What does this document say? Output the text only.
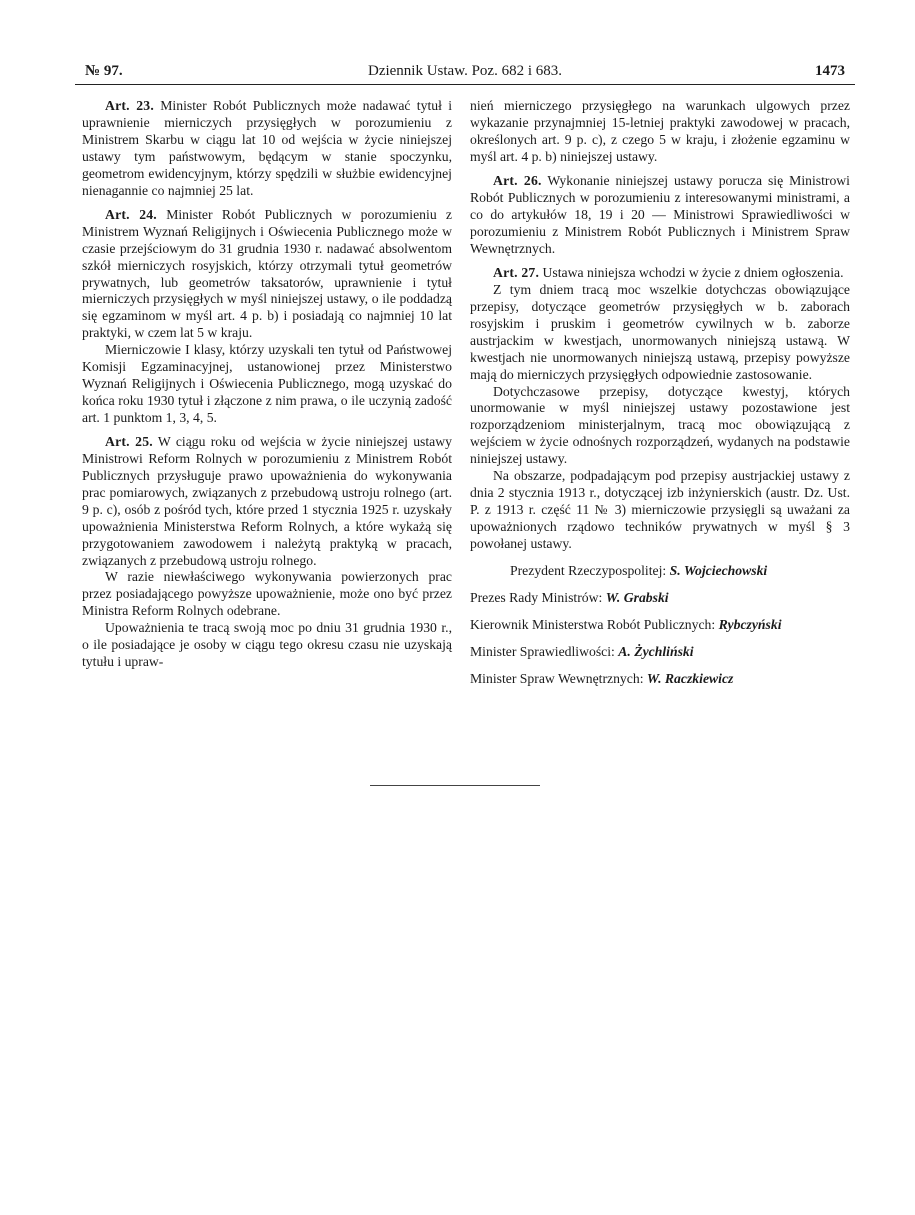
№ 97.	Dziennik Ustaw. Poz. 682 i 683.	1473

Art. 23. Minister Robót Publicznych może nadawać tytuł i uprawnienie mierniczych przysięgłych w porozumieniu z Ministrem Skarbu w ciągu lat 10 od wejścia w życie niniejszej ustawy tym państwowym, będącym w stanie spoczynku, geometrom ewidencyjnym, którzy spędzili w służbie ewidencyjnej nienagannie co najmniej 25 lat.

Art. 24. Minister Robót Publicznych w porozumieniu z Ministrem Wyznań Religijnych i Oświecenia Publicznego może w czasie przejściowym do 31 grudnia 1930 r. nadawać absolwentom szkół mierniczych rosyjskich, którzy otrzymali tytuł geometrów prywatnych, lub geometrów taksatorów, uprawnienie i tytuł mierniczych przysięgłych w myśl niniejszej ustawy, o ile poddadzą się egzaminom w myśl art. 4 p. b) i posiadają co najmniej 10 lat praktyki, w czem lat 5 w kraju.

Mierniczowie I klasy, którzy uzyskali ten tytuł od Państwowej Komisji Egzaminacyjnej, ustanowionej przez Ministerstwo Wyznań Religijnych i Oświecenia Publicznego, mogą uzyskać do końca roku 1930 tytuł i złączone z nim prawa, o ile uczynią zadość art. 1 punktom 1, 3, 4, 5.

Art. 25. W ciągu roku od wejścia w życie niniejszej ustawy Ministrowi Reform Rolnych w porozumieniu z Ministrem Robót Publicznych przysługuje prawo upoważnienia do wykonywania prac pomiarowych, związanych z przebudową ustroju rolnego (art. 9 p. c), osób z pośród tych, które przed 1 stycznia 1925 r. uzyskały upoważnienia Ministerstwa Reform Rolnych, a które wykażą się przygotowaniem zawodowem i należytą praktyką w pracach, związanych z przebudową ustroju rolnego.

W razie niewłaściwego wykonywania powierzonych prac przez posiadającego powyższe upoważnienie, może ono być przez Ministra Reform Rolnych odebrane.

Upoważnienia te tracą swoją moc po dniu 31 grudnia 1930 r., o ile posiadające je osoby w ciągu tego okresu czasu nie uzyskają tytułu i upraw-

nień mierniczego przysięgłego na warunkach ulgowych przez wykazanie przynajmniej 15-letniej praktyki zawodowej w pracach, określonych art. 9 p. c), z czego 5 w kraju, i złożenie egzaminu w myśl art. 4 p. b) niniejszej ustawy.

Art. 26. Wykonanie niniejszej ustawy porucza się Ministrowi Robót Publicznych w porozumieniu z interesowanymi ministrami, a co do artykułów 18, 19 i 20 — Ministrowi Sprawiedliwości w porozumieniu z Ministrem Robót Publicznych i Ministrem Spraw Wewnętrznych.

Art. 27. Ustawa niniejsza wchodzi w życie z dniem ogłoszenia.

Z tym dniem tracą moc wszelkie dotychczas obowiązujące przepisy, dotyczące geometrów przysięgłych w b. zaborach rosyjskim i pruskim i geometrów cywilnych w b. zaborze austrjackim w kwestjach, unormowanych niniejszą ustawą. W kwestjach nie unormowanych niniejszą ustawą, przepisy powyższe mają do mierniczych przysięgłych odpowiednie zastosowanie.

Dotychczasowe przepisy, dotyczące kwestyj, których unormowanie w myśl niniejszej ustawy pozostawione jest rozporządzeniom ministerjalnym, tracą moc obowiązującą z wejściem w życie odnośnych rozporządzeń, wydanych na podstawie niniejszej ustawy.

Na obszarze, podpadającym pod przepisy austrjackiej ustawy z dnia 2 stycznia 1913 r., dotyczącej izb inżynierskich (austr. Dz. Ust. P. z 1913 r. część 11 № 3) mierniczowie przysięgli są uważani za upoważnionych rządowo techników prywatnych w myśl § 3 powołanej ustawy.

Prezydent Rzeczypospolitej: S. Wojciechowski

Prezes Rady Ministrów: W. Grabski

Kierownik Ministerstwa Robót Publicznych: Rybczyński

Minister Sprawiedliwości: A. Żychliński

Minister Spraw Wewnętrznych: W. Raczkiewicz
